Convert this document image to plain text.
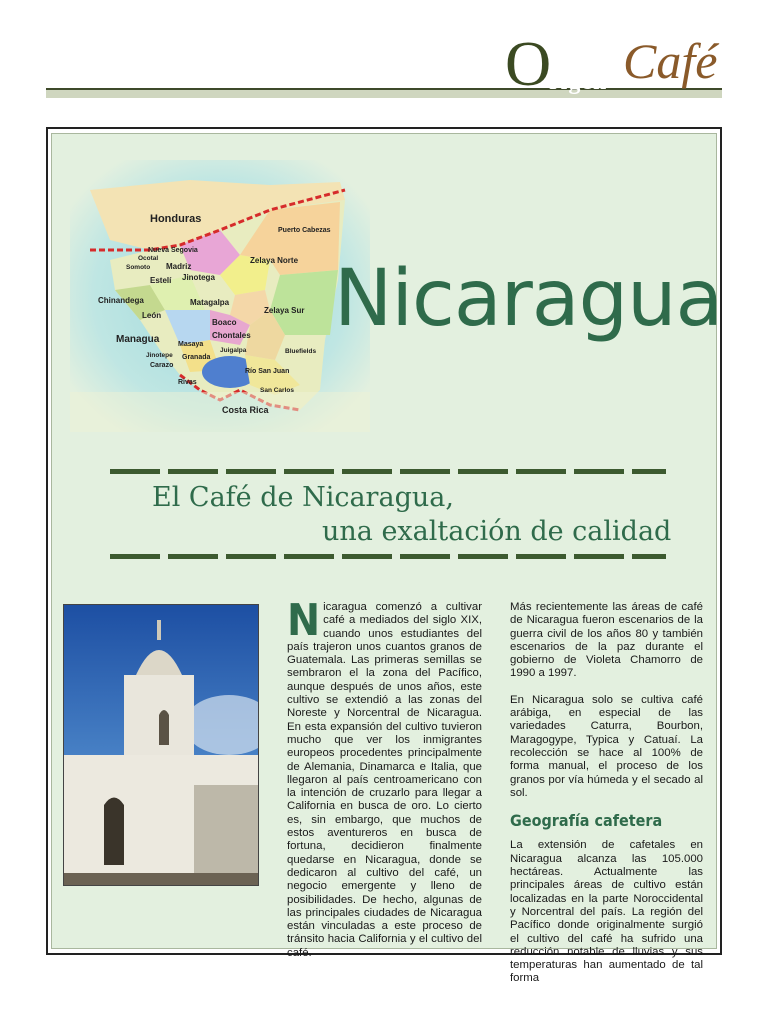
O
rigen Café
Honduras
Puerto Cabezas
Nueva Segovia
Ocotal
Somoto Madriz
Estelí Jinotega
Zelaya Norte
Chinandega
León
Matagalpa
Zelaya Sur
Managua
Boaco
Chontales
Masaya
Jinotepe
Juigalpa	Bluefields
Carazo
Granada
Rivas
Río San Juan
San Carlos
Costa Rica
Nicaragua
El Café de Nicaragua,
una exaltación de calidad

Nicaragua comenzó a cultivar café a mediados del siglo XIX, cuando unos estudiantes del país trajeron unos cuantos granos de Guatemala. Las primeras semillas se sembraron el la zona del Pacífico, aunque después de unos años, este cultivo se extendió a las zonas del Noreste y Norcentral de Nicaragua. En esta expansión del cultivo tuvieron mucho que ver los inmigrantes europeos procedentes principalmente de Alemania, Dinamarca e Italia, que llegaron al país centroamericano con la intención de cruzarlo para llegar a California en busca de oro. Lo cierto es, sin embargo, que muchos de estos aventureros en busca de fortuna, decidieron finalmente quedarse en Nicaragua, donde se dedicaron al cultivo del café, un negocio emergente y lleno de posibilidades. De hecho, algunas de las principales ciudades de Nicaragua están vinculadas a este proceso de tránsito hacia California y el cultivo del café.

Más recientemente las áreas de café de Nicaragua fueron escenarios de la guerra civil de los años 80 y también escenarios de la paz durante el gobierno de Violeta Chamorro de 1990 a 1997.

En Nicaragua solo se cultiva café arábiga, en especial de las variedades Caturra, Bourbon, Maragogype, Typica y Catuaí. La recolección se hace al 100% de forma manual, el proceso de los granos por vía húmeda y el secado al sol.

Geografía cafetera

La extensión de cafetales en Nicaragua alcanza las 105.000 hectáreas. Actualmente las principales áreas de cultivo están localizadas en la parte Noroccidental y Norcentral del país. La región del Pacífico donde originalmente surgió el cultivo del café ha sufrido una reducción notable de lluvias y sus temperaturas han aumentado de tal forma
